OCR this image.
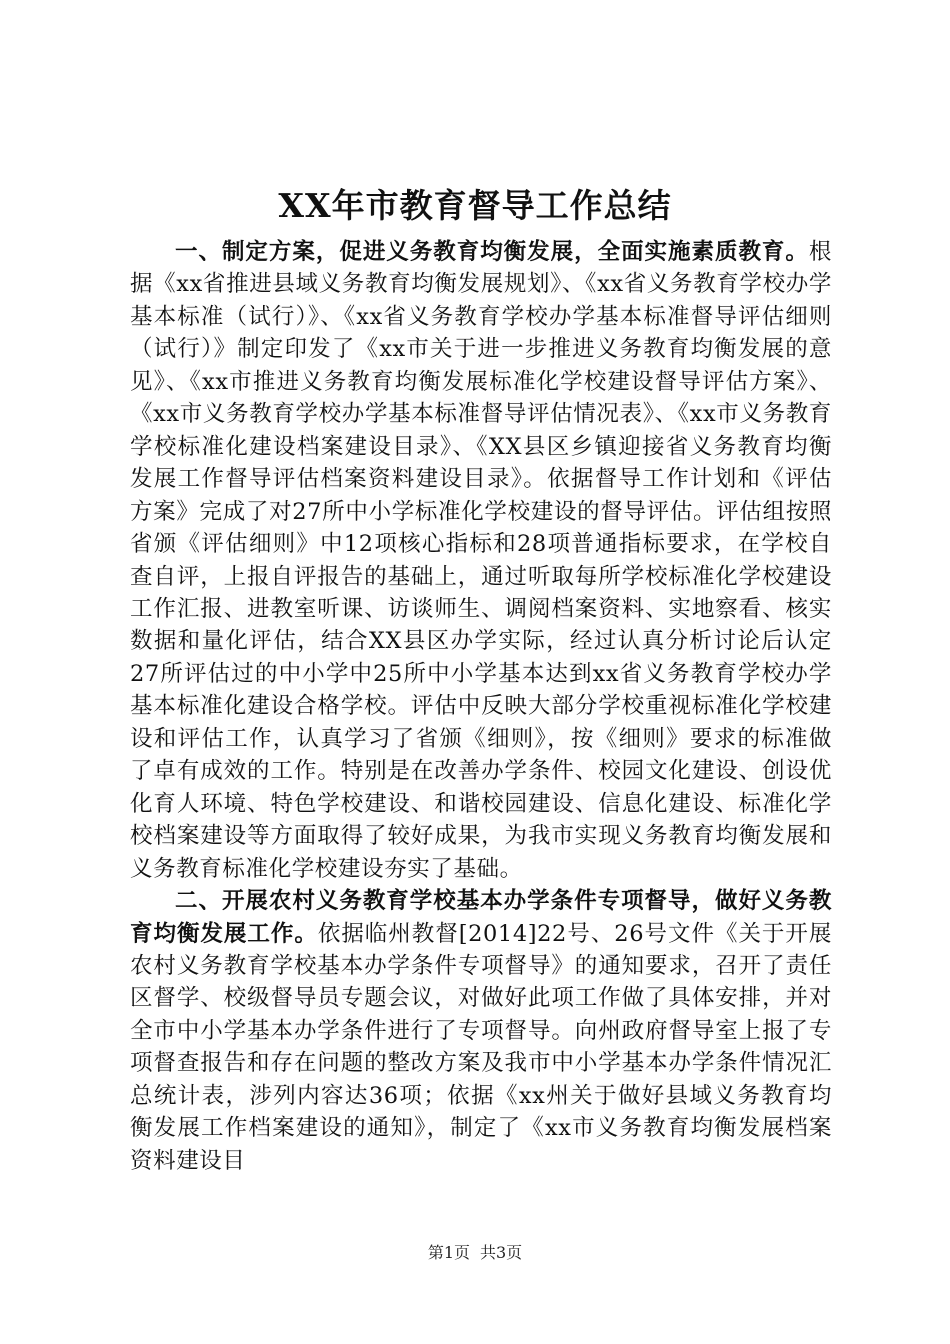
XX年市教育督导工作总结

一、制定方案，促进义务教育均衡发展，全面实施素质教育。根据《xx省推进县域义务教育均衡发展规划》、《xx省义务教育学校办学基本标准（试行）》、《xx省义务教育学校办学基本标准督导评估细则（试行）》制定印发了《xx市关于进一步推进义务教育均衡发展的意见》、《xx市推进义务教育均衡发展标准化学校建设督导评估方案》、《xx市义务教育学校办学基本标准督导评估情况表》、《xx市义务教育学校标准化建设档案建设目录》、《XX县区乡镇迎接省义务教育均衡发展工作督导评估档案资料建设目录》。依据督导工作计划和《评估方案》完成了对27所中小学标准化学校建设的督导评估。评估组按照省颁《评估细则》中12项核心指标和28项普通指标要求，在学校自查自评，上报自评报告的基础上，通过听取每所学校标准化学校建设工作汇报、进教室听课、访谈师生、调阅档案资料、实地察看、核实数据和量化评估，结合XX县区办学实际，经过认真分析讨论后认定27所评估过的中小学中25所中小学基本达到xx省义务教育学校办学基本标准化建设合格学校。评估中反映大部分学校重视标准化学校建设和评估工作，认真学习了省颁《细则》，按《细则》要求的标准做了卓有成效的工作。特别是在改善办学条件、校园文化建设、创设优化育人环境、特色学校建设、和谐校园建设、信息化建设、标准化学校档案建设等方面取得了较好成果，为我市实现义务教育均衡发展和义务教育标准化学校建设夯实了基础。

二、开展农村义务教育学校基本办学条件专项督导，做好义务教育均衡发展工作。依据临州教督[2014]22号、26号文件《关于开展农村义务教育学校基本办学条件专项督导》的通知要求，召开了责任区督学、校级督导员专题会议，对做好此项工作做了具体安排，并对全市中小学基本办学条件进行了专项督导。向州政府督导室上报了专项督查报告和存在问题的整改方案及我市中小学基本办学条件情况汇总统计表，涉列内容达36项；依据《xx州关于做好县域义务教育均衡发展工作档案建设的通知》，制定了《xx市义务教育均衡发展档案资料建设目

第1页 共3页
